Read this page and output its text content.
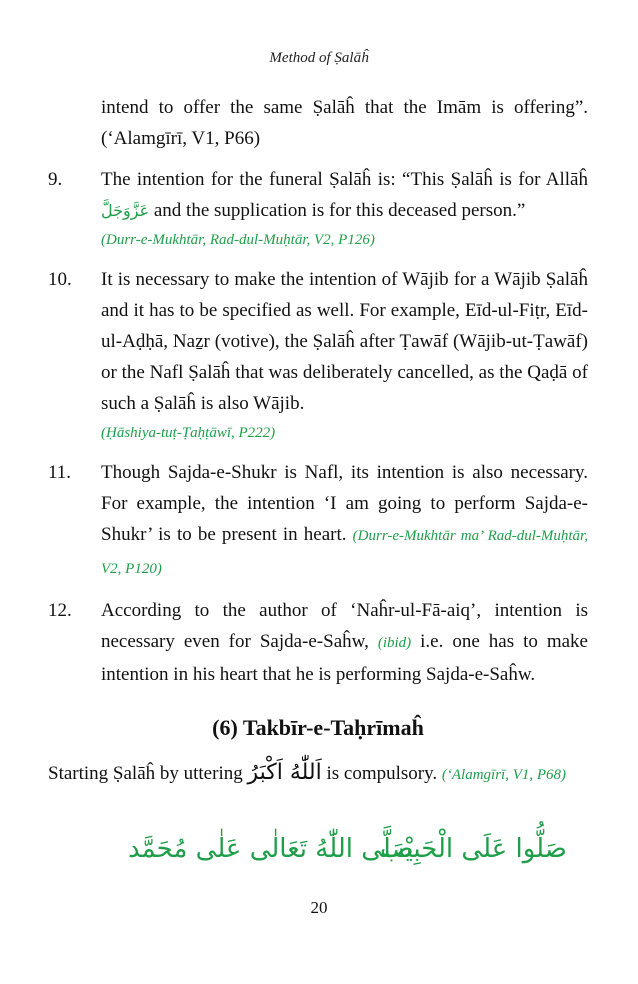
Method of Ṣalāĥ
intend to offer the same Ṣalāĥ that the Imām is offering”. (‘Alamgīrī, V1, P66)
9. The intention for the funeral Ṣalāĥ is: “This Ṣalāĥ is for Allāĥ عَزَّوَجَلَّ and the supplication is for this deceased person.”
(Durr-e-Mukhtār, Rad-dul-Muḥtār, V2, P126)
10. It is necessary to make the intention of Wājib for a Wājib Ṣalāĥ and it has to be specified as well. For example, Eīd-ul-Fiṭr, Eīd-ul-Aḍḥā, Naẕr (votive), the Ṣalāĥ after Ṭawāf (Wājib-ut-Ṭawāf) or the Nafl Ṣalāĥ that was deliberately cancelled, as the Qaḍā of such a Ṣalāĥ is also Wājib.
(Ḥāshiya-tuṭ-Ṭaḥṭāwī, P222)
11. Though Sajda-e-Shukr is Nafl, its intention is also necessary. For example, the intention ‘I am going to perform Sajda-e-Shukr’ is to be present in heart. (Durr-e-Mukhtār ma’ Rad-dul-Muḥtār, V2, P120)
12. According to the author of ‘Naĥr-ul-Fā-aiq’, intention is necessary even for Sajda-e-Saĥw, (ibid) i.e. one has to make intention in his heart that he is performing Sajda-e-Saĥw.
(6) Takbīr-e-Taḥrīmaĥ
Starting Ṣalāĥ by uttering اَللّٰهُ اَكْبَرُ is compulsory. (‘Alamgīrī, V1, P68)
صَلَّى اللّٰهُ تَعَالٰى عَلٰى مُحَمَّد
صَلُّوا عَلَى الْحَبِيْب
20
